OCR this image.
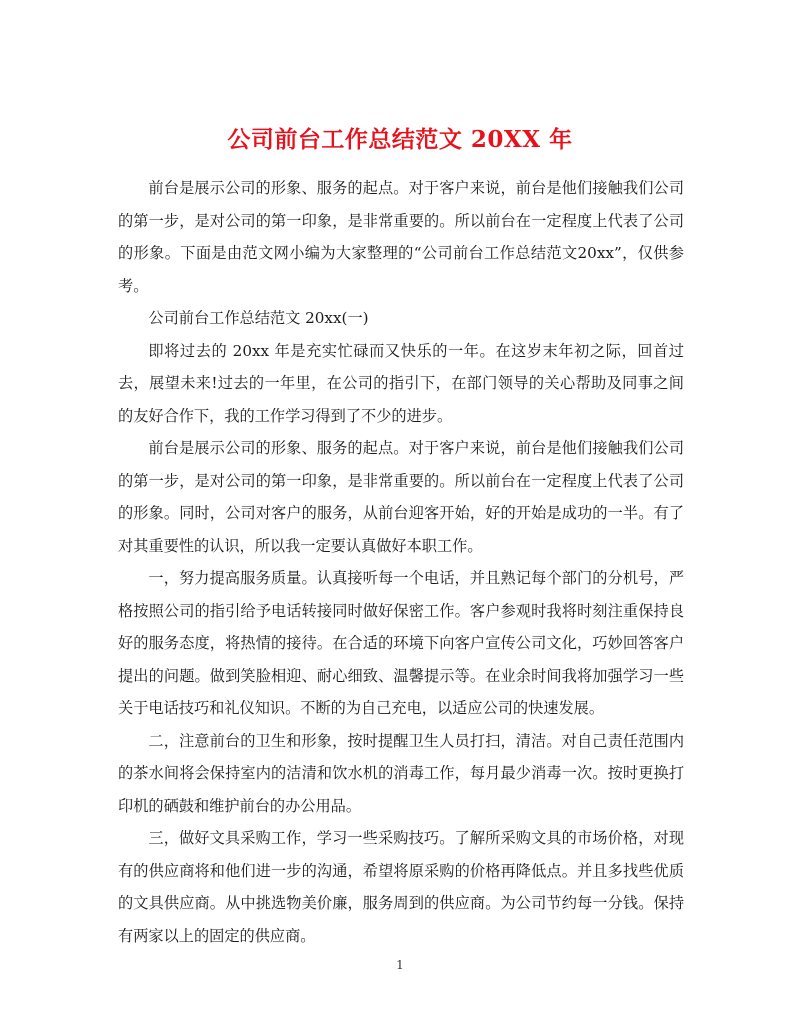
公司前台工作总结范文 20XX 年

前台是展示公司的形象、服务的起点。对于客户来说，前台是他们接触我们公司的第一步，是对公司的第一印象，是非常重要的。所以前台在一定程度上代表了公司的形象。下面是由范文网小编为大家整理的“公司前台工作总结范文20xx”，仅供参考。

公司前台工作总结范文 20xx(一)

即将过去的 20xx 年是充实忙碌而又快乐的一年。在这岁末年初之际，回首过去，展望未来!过去的一年里，在公司的指引下，在部门领导的关心帮助及同事之间的友好合作下，我的工作学习得到了不少的进步。

前台是展示公司的形象、服务的起点。对于客户来说，前台是他们接触我们公司的第一步，是对公司的第一印象，是非常重要的。所以前台在一定程度上代表了公司的形象。同时，公司对客户的服务，从前台迎客开始，好的开始是成功的一半。有了对其重要性的认识，所以我一定要认真做好本职工作。

一，努力提高服务质量。认真接听每一个电话，并且熟记每个部门的分机号，严格按照公司的指引给予电话转接同时做好保密工作。客户参观时我将时刻注重保持良好的服务态度，将热情的接待。在合适的环境下向客户宣传公司文化，巧妙回答客户提出的问题。做到笑脸相迎、耐心细致、温馨提示等。在业余时间我将加强学习一些关于电话技巧和礼仪知识。不断的为自己充电，以适应公司的快速发展。

二，注意前台的卫生和形象，按时提醒卫生人员打扫，清洁。对自己责任范围内的茶水间将会保持室内的洁清和饮水机的消毒工作，每月最少消毒一次。按时更换打印机的硒鼓和维护前台的办公用品。

三，做好文具采购工作，学习一些采购技巧。了解所采购文具的市场价格，对现有的供应商将和他们进一步的沟通，希望将原采购的价格再降低点。并且多找些优质的文具供应商。从中挑选物美价廉，服务周到的供应商。为公司节约每一分钱。保持有两家以上的固定的供应商。

1
